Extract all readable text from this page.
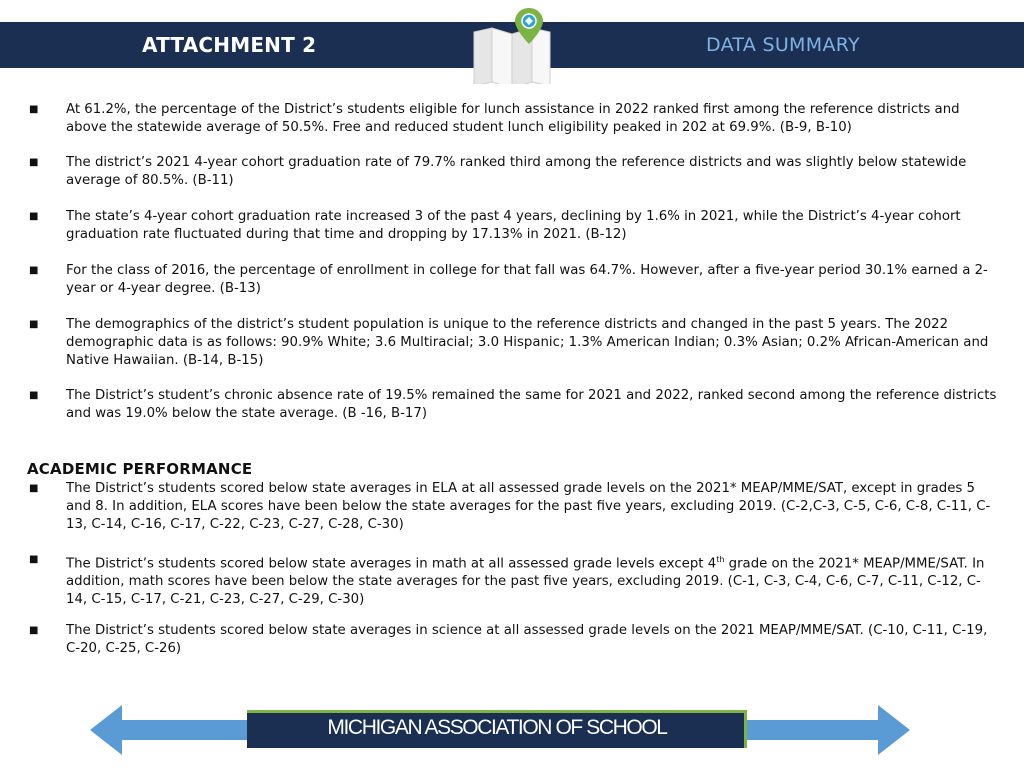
ATTACHMENT 2	DATA SUMMARY
■ At 61.2%, the percentage of the District’s students eligible for lunch assistance in 2022 ranked first among the reference districts and above the statewide average of 50.5%. Free and reduced student lunch eligibility peaked in 202 at 69.9%. (B-9, B-10)
■ The district’s 2021 4-year cohort graduation rate of 79.7% ranked third among the reference districts and was slightly below statewide average of 80.5%. (B-11)
■ The state’s 4-year cohort graduation rate increased 3 of the past 4 years, declining by 1.6% in 2021, while the District’s 4-year cohort graduation rate fluctuated during that time and dropping by 17.13% in 2021. (B-12)
■ For the class of 2016, the percentage of enrollment in college for that fall was 64.7%. However, after a five-year period 30.1% earned a 2-year or 4-year degree. (B-13)
■ The demographics of the district’s student population is unique to the reference districts and changed in the past 5 years. The 2022 demographic data is as follows: 90.9% White; 3.6 Multiracial; 3.0 Hispanic; 1.3% American Indian; 0.3% Asian; 0.2% African-American and Native Hawaiian. (B-14, B-15)
■ The District’s student’s chronic absence rate of 19.5% remained the same for 2021 and 2022, ranked second among the reference districts and was 19.0% below the state average. (B -16, B-17)
ACADEMIC PERFORMANCE
■ The District’s students scored below state averages in ELA at all assessed grade levels on the 2021* MEAP/MME/SAT, except in grades 5 and 8. In addition, ELA scores have been below the state averages for the past five years, excluding 2019. (C-2,C-3, C-5, C-6, C-8, C-11, C-13, C-14, C-16, C-17, C-22, C-23, C-27, C-28, C-30)
■ The District’s students scored below state averages in math at all assessed grade levels except 4th grade on the 2021* MEAP/MME/SAT. In addition, math scores have been below the state averages for the past five years, excluding 2019. (C-1, C-3, C-4, C-6, C-7, C-11, C-12, C-14, C-15, C-17, C-21, C-23, C-27, C-29, C-30)
■ The District’s students scored below state averages in science at all assessed grade levels on the 2021 MEAP/MME/SAT. (C-10, C-11, C-19, C-20, C-25, C-26)
MICHIGAN ASSOCIATION OF SCHOOL
